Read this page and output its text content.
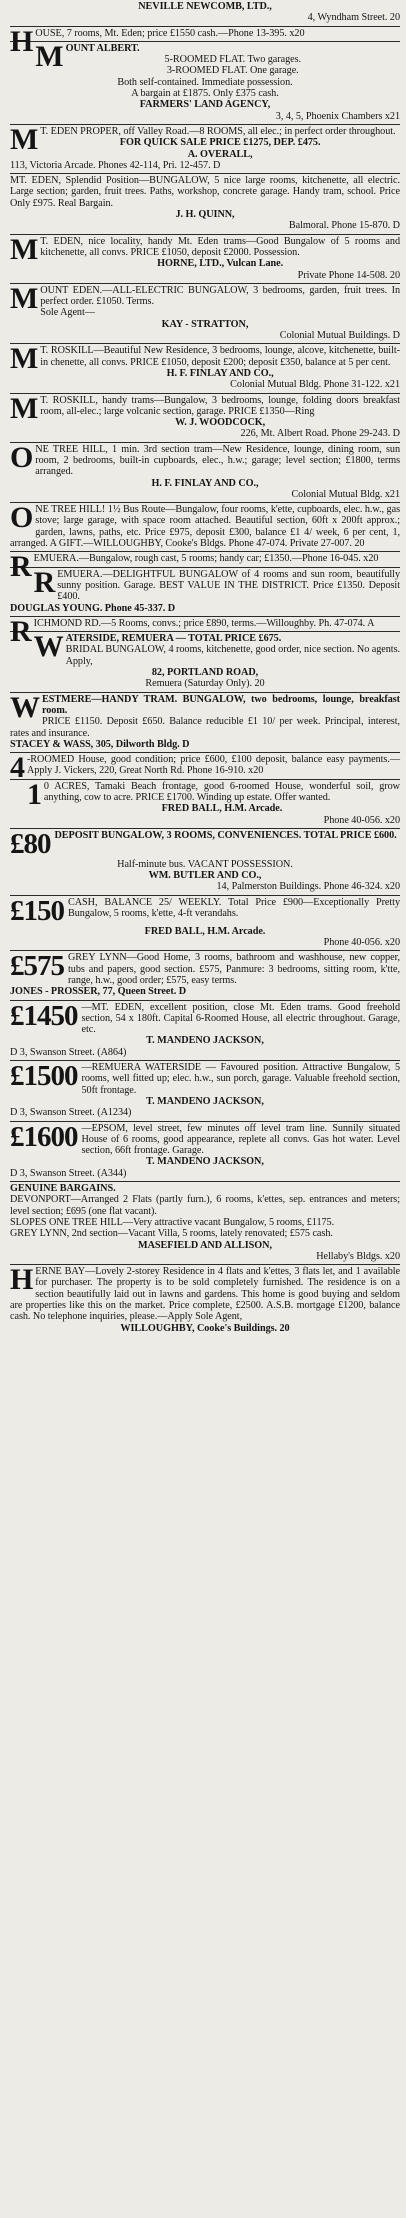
NEVILLE NEWCOMB, LTD.,

4, Wyndham Street. 20

HOUSE, 7 rooms, Mt. Eden; price £1550 cash.—Phone 13-395. x20

MOUNT ALBERT.

5-ROOMED FLAT. Two garages.

3-ROOMED FLAT. One garage.

Both self-contained. Immediate possession.

A bargain at £1875. Only £375 cash.

FARMERS' LAND AGENCY,

3, 4, 5, Phoenix Chambers x21

MT. EDEN PROPER, off Valley Road.—8 ROOMS, all elec.; in perfect order throughout.

FOR QUICK SALE PRICE £1275, DEP. £475.

A. OVERALL,

113, Victoria Arcade. Phones 42-114, Pri. 12-457. D

MT. EDEN, Splendid Position—BUNGALOW, 5 nice large rooms, kitchenette, all electric. Large section; garden, fruit trees. Paths, workshop, concrete garage. Handy tram, school. Price Only £975. Real Bargain.

J. H. QUINN,

Balmoral. Phone 15-870. D

MT. EDEN, nice locality, handy Mt. Eden trams—Good Bungalow of 5 rooms and kitchenette, all convs. PRICE £1050, deposit £2000. Possession.

HORNE, LTD., Vulcan Lane.

Private Phone 14-508. 20

MOUNT EDEN.—ALL-ELECTRIC BUNGALOW, 3 bedrooms, garden, fruit trees. In perfect order. £1050. Terms.

Sole Agent—

KAY - STRATTON,

Colonial Mutual Buildings. D

MT. ROSKILL—Beautiful New Residence, 3 bedrooms, lounge, alcove, kitchenette, built-in chenette, all convs. PRICE £1050, deposit £200; deposit £350, balance at 5 per cent.

H. F. FINLAY AND CO.,

Colonial Mutual Bldg. Phone 31-122. x21

MT. ROSKILL, handy trams—Bungalow, 3 bedrooms, lounge, folding doors breakfast room, all-elec.; large volcanic section, garage. PRICE £1350—Ring

W. J. WOODCOCK,

226, Mt. Albert Road. Phone 29-243. D

ONE TREE HILL, 1 min. 3rd section tram—New Residence, lounge, dining room, sun room, 2 bedrooms, built-in cupboards, elec., h.w.; garage; level section; £1800, terms arranged.

H. F. FINLAY AND CO.,

Colonial Mutual Bldg. x21

ONE TREE HILL! 1½ Bus Route—Bungalow, four rooms, k'ette, cupboards, elec. h.w., gas stove; large garage, with space room attached. Beautiful section, 60ft x 200ft approx.; garden, lawns, paths, etc. Price £975, deposit £300, balance £1 4/ week, 6 per cent, 1, arranged. A GIFT.—WILLOUGHBY, Cooke's Bldgs. Phone 47-074. Private 27-007. 20

REMUERA.—Bungalow, rough cast, 5 rooms; handy car; £1350.—Phone 16-045. x20

REMUERA.—DELIGHTFUL BUNGALOW of 4 rooms and sun room, beautifully sunny position. Garage. BEST VALUE IN THE DISTRICT. Price £1350. Deposit £400.

DOUGLAS YOUNG. Phone 45-337. D

RICHMOND RD.—5 Rooms, convs.; price £890, terms.—Willoughby. Ph. 47-074. A

WATERSIDE, REMUERA — TOTAL PRICE £675.

BRIDAL BUNGALOW, 4 rooms, kitchenette, good order, nice section. No agents. Apply,

82, PORTLAND ROAD,

Remuera (Saturday Only). 20

WESTMERE—HANDY TRAM. BUNGALOW, two bedrooms, lounge, breakfast room.

PRICE £1150. Deposit £650. Balance reducible £1 10/ per week. Principal, interest, rates and insurance.

STACEY & WASS, 305, Dilworth Bldg. D

4-ROOMED House, good condition; price £600, £100 deposit, balance easy payments.—Apply J. Vickers, 220, Great North Rd. Phone 16-910. x20

10 ACRES, Tamaki Beach frontage, good 6-roomed House, wonderful soil, grow anything, cow to acre. PRICE £1700. Winding up estate. Offer wanted.

FRED BALL, H.M. Arcade.

Phone 40-056. x20

£80 DEPOSIT BUNGALOW, 3 ROOMS, CONVENIENCES. TOTAL PRICE £600.

Half-minute bus. VACANT POSSESSION.

WM. BUTLER AND CO.,

14, Palmerston Buildings. Phone 46-324. x20

£150 CASH, BALANCE 25/ WEEKLY. Total Price £900—Exceptionally Pretty Bungalow, 5 rooms, k'ette, 4-ft verandahs.

FRED BALL, H.M. Arcade.

Phone 40-056. x20

£575 GREY LYNN—Good Home, 3 rooms, bathroom and washhouse, new copper, tubs and papers, good section. £575, Panmure: 3 bedrooms, sitting room, k'tte, range, h.w., good order; £575, easy terms.

JONES - PROSSER, 77, Queen Street. D

£1450 —MT. EDEN, excellent position, close Mt. Eden trams. Good freehold section, 54 x 180ft. Capital 6-Roomed House, all electric throughout. Garage, etc.

T. MANDENO JACKSON,

D 3, Swanson Street. (A864)

£1500 —REMUERA WATERSIDE — Favoured position. Attractive Bungalow, 5 rooms, well fitted up; elec. h.w., sun porch, garage. Valuable freehold section, 50ft frontage.

T. MANDENO JACKSON,

D 3, Swanson Street. (A1234)

£1600 —EPSOM, level street, few minutes off level tram line. Sunnily situated House of 6 rooms, good appearance, replete all convs. Gas hot water. Level section, 66ft frontage. Garage.

T. MANDENO JACKSON,

D 3, Swanson Street. (A344)

GENUINE BARGAINS.

DEVONPORT—Arranged 2 Flats (partly furn.), 6 rooms, k'ettes, sep. entrances and meters; level section; £695 (one flat vacant).

SLOPES ONE TREE HILL—Very attractive vacant Bungalow, 5 rooms, £1175.

GREY LYNN, 2nd section—Vacant Villa, 5 rooms, lately renovated; £575 cash.

MASEFIELD AND ALLISON,

Hellaby's Bldgs. x20

HERNE BAY—Lovely 2-storey Residence in 4 flats and k'ettes, 3 flats let, and 1 available for purchaser. The property is to be sold completely furnished. The residence is on a section beautifully laid out in lawns and gardens. This home is good buying and seldom are properties like this on the market. Price complete, £2500. A.S.B. mortgage £1200, balance cash. No telephone inquiries, please.—Apply Sole Agent,

WILLOUGHBY, Cooke's Buildings. 20
